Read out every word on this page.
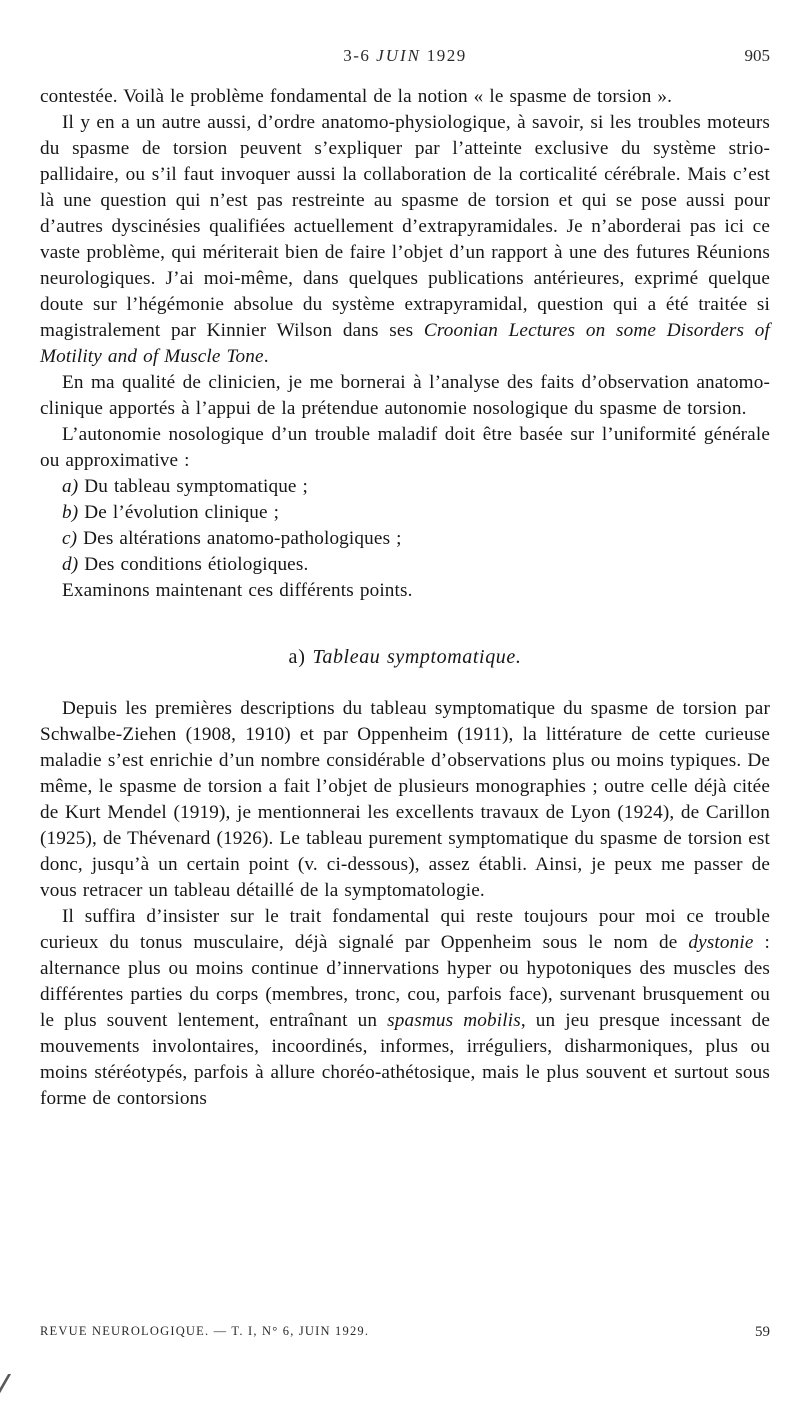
3-6 JUIN 1929	905

contestée. Voilà le problème fondamental de la notion « le spasme de torsion ».

Il y en a un autre aussi, d’ordre anatomo-physiologique, à savoir, si les troubles moteurs du spasme de torsion peuvent s’expliquer par l’atteinte exclusive du système strio-pallidaire, ou s’il faut invoquer aussi la collaboration de la corticalité cérébrale. Mais c’est là une question qui n’est pas restreinte au spasme de torsion et qui se pose aussi pour d’autres dyscinésies qualifiées actuellement d’extrapyramidales. Je n’aborderai pas ici ce vaste problème, qui mériterait bien de faire l’objet d’un rapport à une des futures Réunions neurologiques. J’ai moi-même, dans quelques publications antérieures, exprimé quelque doute sur l’hégémonie absolue du système extrapyramidal, question qui a été traitée si magistralement par Kinnier Wilson dans ses Croonian Lectures on some Disorders of Motility and of Muscle Tone.

En ma qualité de clinicien, je me bornerai à l’analyse des faits d’observation anatomo-clinique apportés à l’appui de la prétendue autonomie nosologique du spasme de torsion.

L’autonomie nosologique d’un trouble maladif doit être basée sur l’uniformité générale ou approximative :

a) Du tableau symptomatique ;

b) De l’évolution clinique ;

c) Des altérations anatomo-pathologiques ;

d) Des conditions étiologiques.

Examinons maintenant ces différents points.

a) Tableau symptomatique.

Depuis les premières descriptions du tableau symptomatique du spasme de torsion par Schwalbe-Ziehen (1908, 1910) et par Oppenheim (1911), la littérature de cette curieuse maladie s’est enrichie d’un nombre considérable d’observations plus ou moins typiques. De même, le spasme de torsion a fait l’objet de plusieurs monographies ; outre celle déjà citée de Kurt Mendel (1919), je mentionnerai les excellents travaux de Lyon (1924), de Carillon (1925), de Thévenard (1926). Le tableau purement symptomatique du spasme de torsion est donc, jusqu’à un certain point (v. ci-dessous), assez établi. Ainsi, je peux me passer de vous retracer un tableau détaillé de la symptomatologie.

Il suffira d’insister sur le trait fondamental qui reste toujours pour moi ce trouble curieux du tonus musculaire, déjà signalé par Oppenheim sous le nom de dystonie : alternance plus ou moins continue d’innervations hyper ou hypotoniques des muscles des différentes parties du corps (membres, tronc, cou, parfois face), survenant brusquement ou le plus souvent lentement, entraînant un spasmus mobilis, un jeu presque incessant de mouvements involontaires, incoordinés, informes, irréguliers, disharmoniques, plus ou moins stéréotypés, parfois à allure choréo-athétosique, mais le plus souvent et surtout sous forme de contorsions

REVUE NEUROLOGIQUE. — T. I, N° 6, JUIN 1929.	59
